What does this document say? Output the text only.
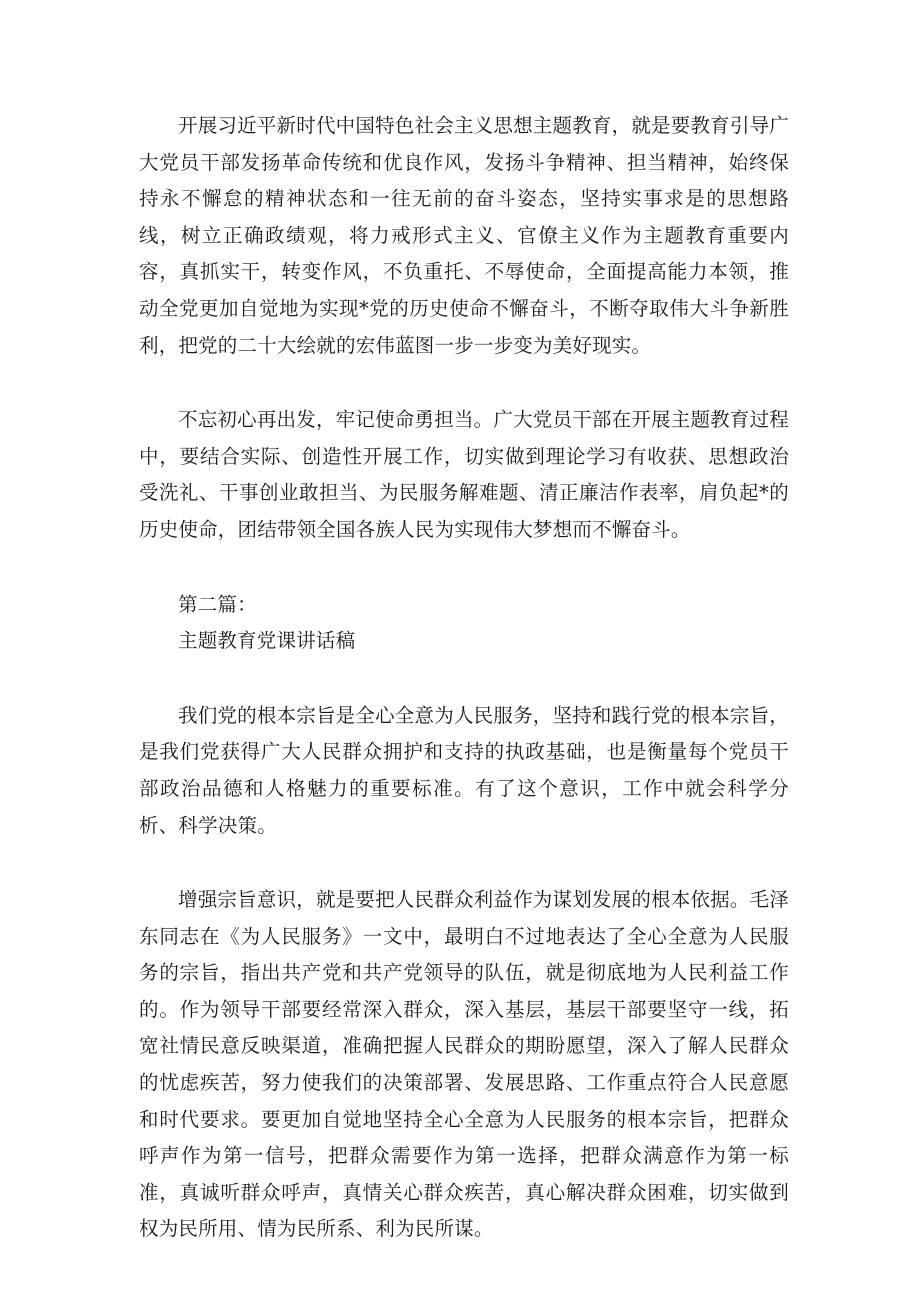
开展习近平新时代中国特色社会主义思想主题教育，就是要教育引导广大党员干部发扬革命传统和优良作风，发扬斗争精神、担当精神，始终保持永不懈怠的精神状态和一往无前的奋斗姿态，坚持实事求是的思想路线，树立正确政绩观，将力戒形式主义、官僚主义作为主题教育重要内容，真抓实干，转变作风，不负重托、不辱使命，全面提高能力本领，推动全党更加自觉地为实现*党的历史使命不懈奋斗，不断夺取伟大斗争新胜利，把党的二十大绘就的宏伟蓝图一步一步变为美好现实。

不忘初心再出发，牢记使命勇担当。广大党员干部在开展主题教育过程中，要结合实际、创造性开展工作，切实做到理论学习有收获、思想政治受洗礼、干事创业敢担当、为民服务解难题、清正廉洁作表率，肩负起*的历史使命，团结带领全国各族人民为实现伟大梦想而不懈奋斗。

第二篇：

主题教育党课讲话稿

我们党的根本宗旨是全心全意为人民服务，坚持和践行党的根本宗旨，是我们党获得广大人民群众拥护和支持的执政基础，也是衡量每个党员干部政治品德和人格魅力的重要标准。有了这个意识，工作中就会科学分析、科学决策。

增强宗旨意识，就是要把人民群众利益作为谋划发展的根本依据。毛泽东同志在《为人民服务》一文中，最明白不过地表达了全心全意为人民服务的宗旨，指出共产党和共产党领导的队伍，就是彻底地为人民利益工作的。作为领导干部要经常深入群众，深入基层，基层干部要坚守一线，拓宽社情民意反映渠道，准确把握人民群众的期盼愿望，深入了解人民群众的忧虑疾苦，努力使我们的决策部署、发展思路、工作重点符合人民意愿和时代要求。要更加自觉地坚持全心全意为人民服务的根本宗旨，把群众呼声作为第一信号，把群众需要作为第一选择，把群众满意作为第一标准，真诚听群众呼声，真情关心群众疾苦，真心解决群众困难，切实做到权为民所用、情为民所系、利为民所谋。
